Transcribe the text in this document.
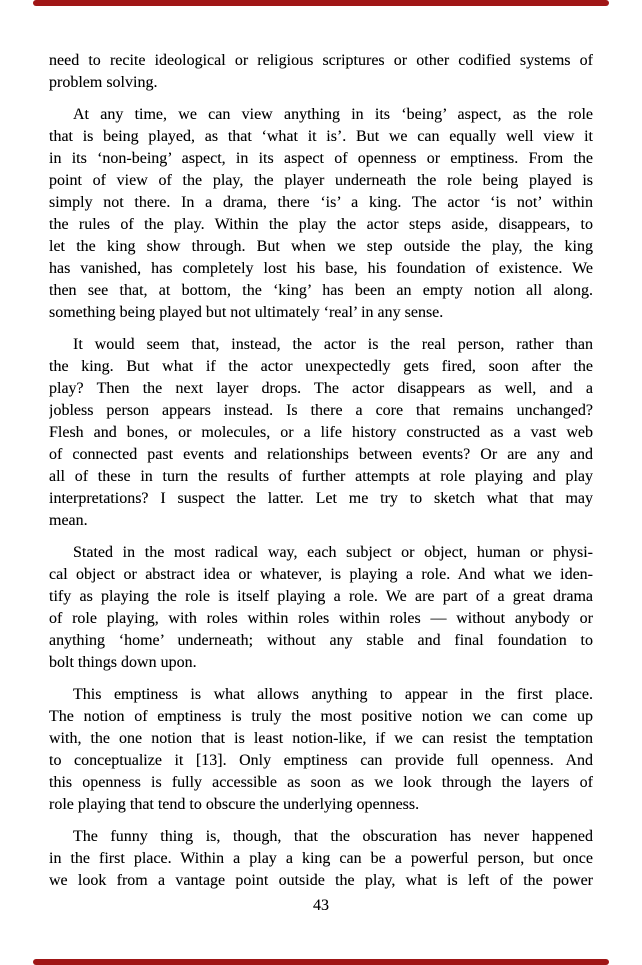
need to recite ideological or religious scriptures or other codified systems of
problem solving.
At any time, we can view anything in its ‘being’ aspect, as the role
that is being played, as that ‘what it is’. But we can equally well view it
in its ‘non-being’ aspect, in its aspect of openness or emptiness. From the
point of view of the play, the player underneath the role being played is
simply not there. In a drama, there ‘is’ a king. The actor ‘is not’ within
the rules of the play. Within the play the actor steps aside, disappears, to
let the king show through. But when we step outside the play, the king
has vanished, has completely lost his base, his foundation of existence. We
then see that, at bottom, the ‘king’ has been an empty notion all along.
something being played but not ultimately ‘real’ in any sense.
It would seem that, instead, the actor is the real person, rather than
the king. But what if the actor unexpectedly gets fired, soon after the
play? Then the next layer drops. The actor disappears as well, and a
jobless person appears instead. Is there a core that remains unchanged?
Flesh and bones, or molecules, or a life history constructed as a vast web
of connected past events and relationships between events? Or are any and
all of these in turn the results of further attempts at role playing and play
interpretations? I suspect the latter. Let me try to sketch what that may
mean.
Stated in the most radical way, each subject or object, human or physi-
cal object or abstract idea or whatever, is playing a role. And what we iden-
tify as playing the role is itself playing a role. We are part of a great drama
of role playing, with roles within roles within roles — without anybody or
anything ‘home’ underneath; without any stable and final foundation to
bolt things down upon.
This emptiness is what allows anything to appear in the first place.
The notion of emptiness is truly the most positive notion we can come up
with, the one notion that is least notion-like, if we can resist the temptation
to conceptualize it [13]. Only emptiness can provide full openness. And
this openness is fully accessible as soon as we look through the layers of
role playing that tend to obscure the underlying openness.
The funny thing is, though, that the obscuration has never happened
in the first place. Within a play a king can be a powerful person, but once
we look from a vantage point outside the play, what is left of the power
43
